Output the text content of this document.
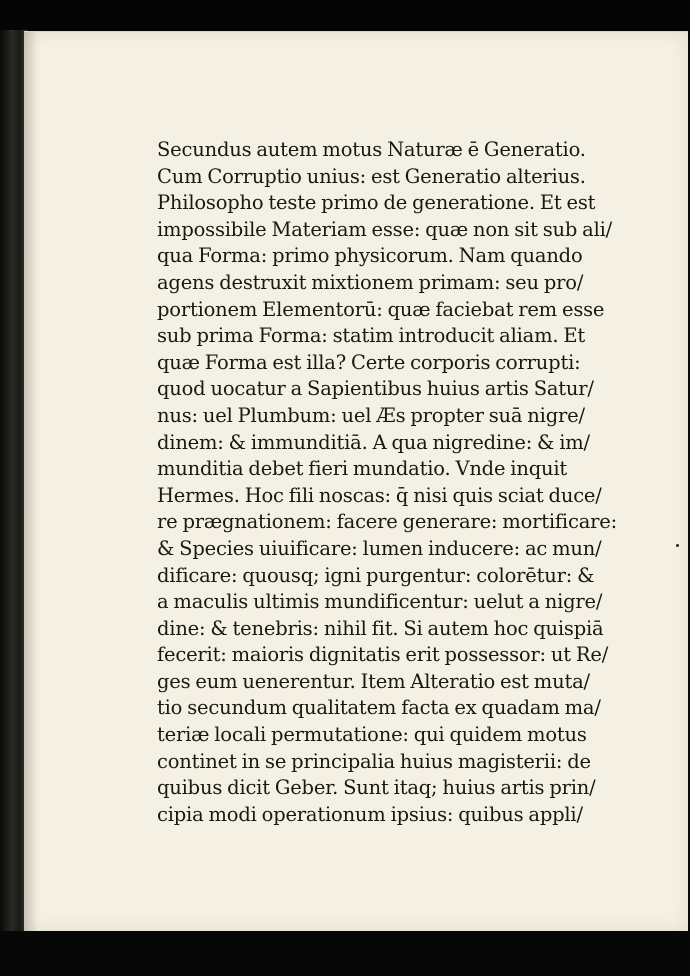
Secundus autem motus Naturæ ē Generatio.
Cum Corruptio unius: est Generatio alterius.
Philosopho teste primo de generatione. Et est
impossibile Materiam esse: quæ non sit sub ali/
qua Forma: primo physicorum. Nam quando
agens destruxit mixtionem primam: seu pro/
portionem Elementorū: quæ faciebat rem esse
sub prima Forma: statim introducit aliam. Et
quæ Forma est illa? Certe corporis corrupti:
quod uocatur a Sapientibus huius artis Satur/
nus: uel Plumbum: uel Æs propter suā nigre/
dinem: & immunditiā. A qua nigredine: & im/
munditia debet fieri mundatio. Vnde inquit
Hermes. Hoc fili noscas: q̄ nisi quis sciat duce/
re prægnationem: facere generare: mortificare:
& Species uiuificare: lumen inducere: ac mun/
dificare: quousq; igni purgentur: colorētur: &
a maculis ultimis mundificentur: uelut a nigre/
dine: & tenebris: nihil fit. Si autem hoc quispiā
fecerit: maioris dignitatis erit possessor: ut Re/
ges eum uenerentur. Item Alteratio est mutа/
tio secundum qualitatem facta ex quadam ma/
teriæ locali permutatione: qui quidem motus
continet in se principalia huius magisterii: de
quibus dicit Geber. Sunt itaq; huius artis prin/
cipia modi operationum ipsius: quibus appli/
